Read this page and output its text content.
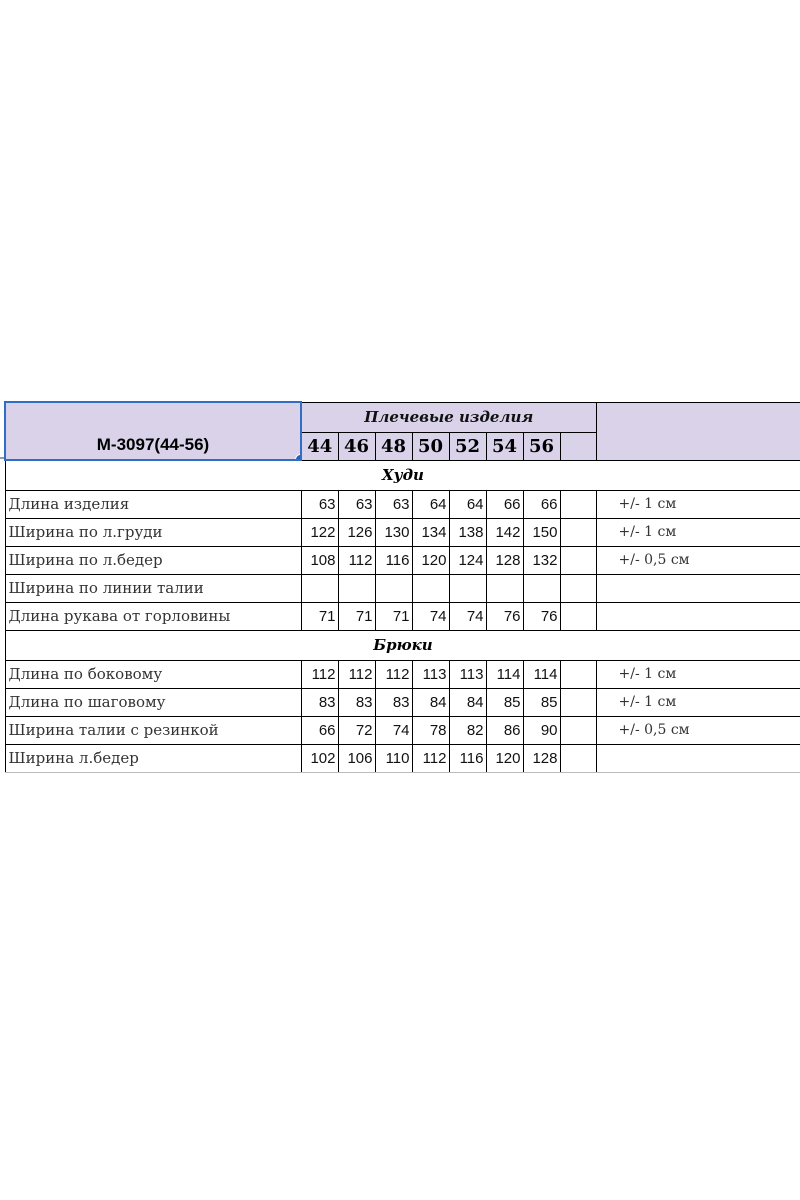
M-3097(44-56)	Плечевые изделия								
	44	46	48	50	52	54	56		
Худи									
Длина изделия	63	63	63	64	64	66	66		+/- 1 см
Ширина по л.груди	122	126	130	134	138	142	150		+/- 1 см
Ширина по л.бедер	108	112	116	120	124	128	132		+/- 0,5 см
Ширина по линии талии									
Длина рукава от горловины	71	71	71	74	74	76	76		
Брюки									
Длина по боковому	112	112	112	113	113	114	114		+/- 1 см
Длина по шаговому	83	83	83	84	84	85	85		+/- 1 см
Ширина талии с резинкой	66	72	74	78	82	86	90		+/- 0,5 см
Ширина л.бедер	102	106	110	112	116	120	128		
